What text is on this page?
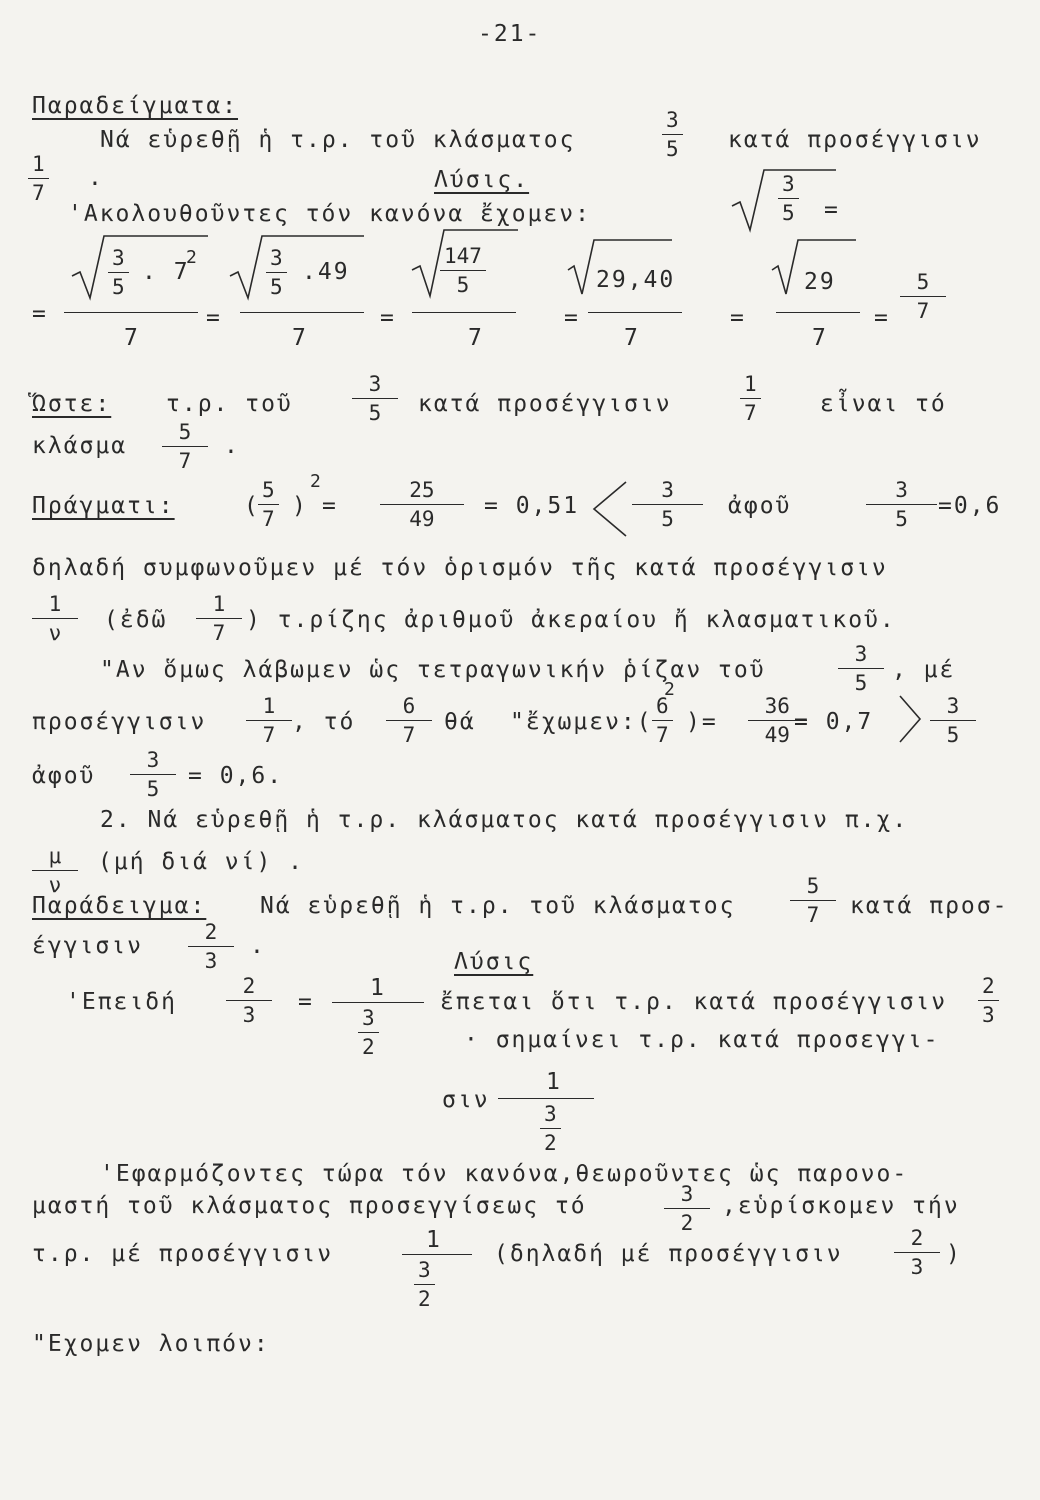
-21-
Παραδείγματα:
Νά εὑρεθῇ ἡ τ.ρ. τοῦ κλάσματος
3
5 κατά προσέγγισιν
1
7
.	Λύσις.
'Ακολουθοῦντες τόν κανόνα ἔχομεν:
3
5 =
=
3
5
. 7
2
7
=
3
5
.49
7
=
147
5
7
=
29,40
7
=
29
7
=
5
7
Ὥστε: τ.ρ. τοῦ
3
5 κατά προσέγγισιν
1
7	εἶναι τό
κλάσμα
5
7
.
Πράγματι:	(
5
7 )
2
=
25
49 = 0,51
3
5 ἀφοῦ
3
5 =0,6
δηλαδή συμφωνοῦμεν μέ τόν ὁρισμόν τῆς κατά προσέγγισιν
1
ν (ἐδῶ
1
7 ) τ.ρίζης ἀριθμοῦ ἀκεραίου ἤ κλασματικοῦ.
"Αν ὅμως λάβωμεν ὡς τετραγωνικήν ῥίζαν τοῦ
3
5 , μέ
προσέγγισιν
1
7 , τό
6
7 θά "ἔχωμεν:(
6
7
2
)=
36
49 = 0,7
3
5
ἀφοῦ
3
5 = 0,6.
2. Νά εὑρεθῇ ἡ τ.ρ. κλάσματος κατά προσέγγισιν π.χ.
μ
ν
(μή διά νί) .
Παράδειγμα: Νά εὑρεθῇ ἡ τ.ρ. τοῦ κλάσματος
5
7 κατά προσ-
έγγισιν
2
3
.
Λύσις
'Επειδή
2
3 =
1
3
2
ἔπεται ὅτι τ.ρ. κατά προσέγγισιν
2
3
· σημαίνει τ.ρ. κατά προσεγγι-
σιν
1
3
2
'Εφαρμόζοντες τώρα τόν κανόνα,θεωροῦντες ὡς παρονο-
μαστή τοῦ κλάσματος προσεγγίσεως τό	3
2
,εὑρίσκομεν τήν
τ.ρ. μέ προσέγγισιν
1
3
2
(δηλαδή μέ προσέγγισιν
2
3 )
"Εχομεν λοιπόν:
